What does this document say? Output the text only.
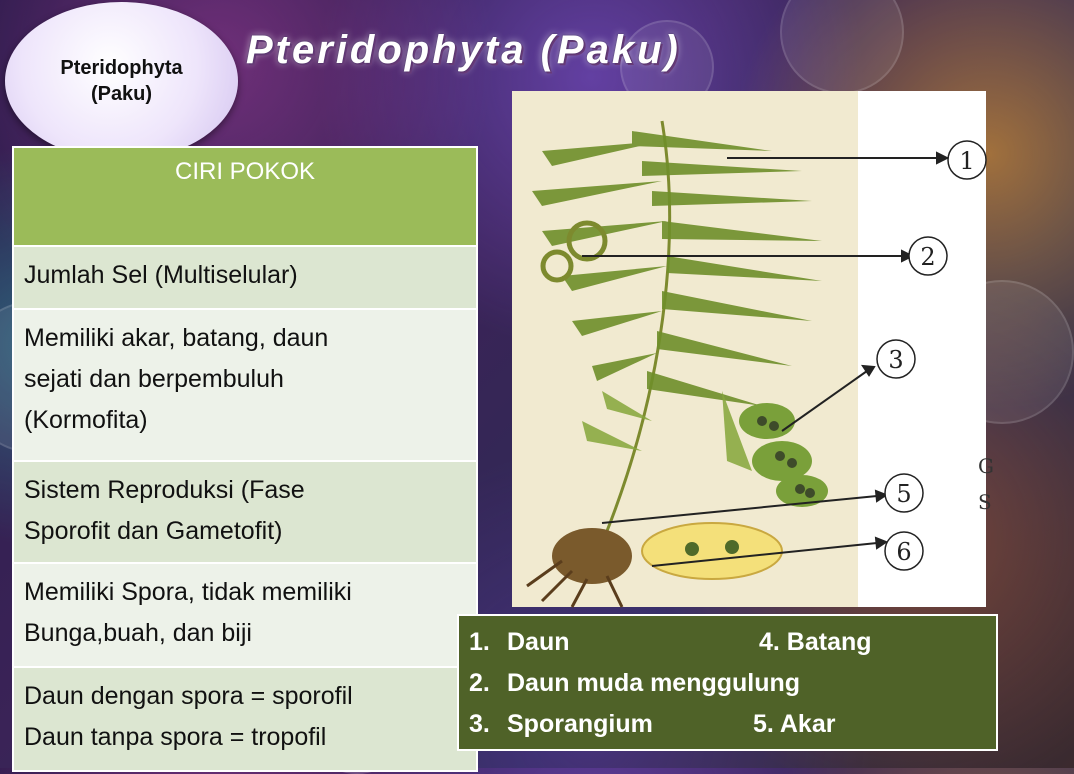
Pteridophyta
(Paku)
Pteridophyta (Paku)
CIRI POKOK
Jumlah Sel (Multiselular)
Memiliki akar, batang, daun
sejati dan berpembuluh
(Kormofita)
Sistem Reproduksi (Fase
Sporofit dan Gametofit)
Memiliki Spora, tidak memiliki
Bunga,buah, dan biji
Daun dengan spora = sporofil
Daun tanpa spora = tropofil
1
2
3
5
6
G
S
1. Daun	4. Batang
2. Daun muda menggulung
3. Sporangium	5. Akar
